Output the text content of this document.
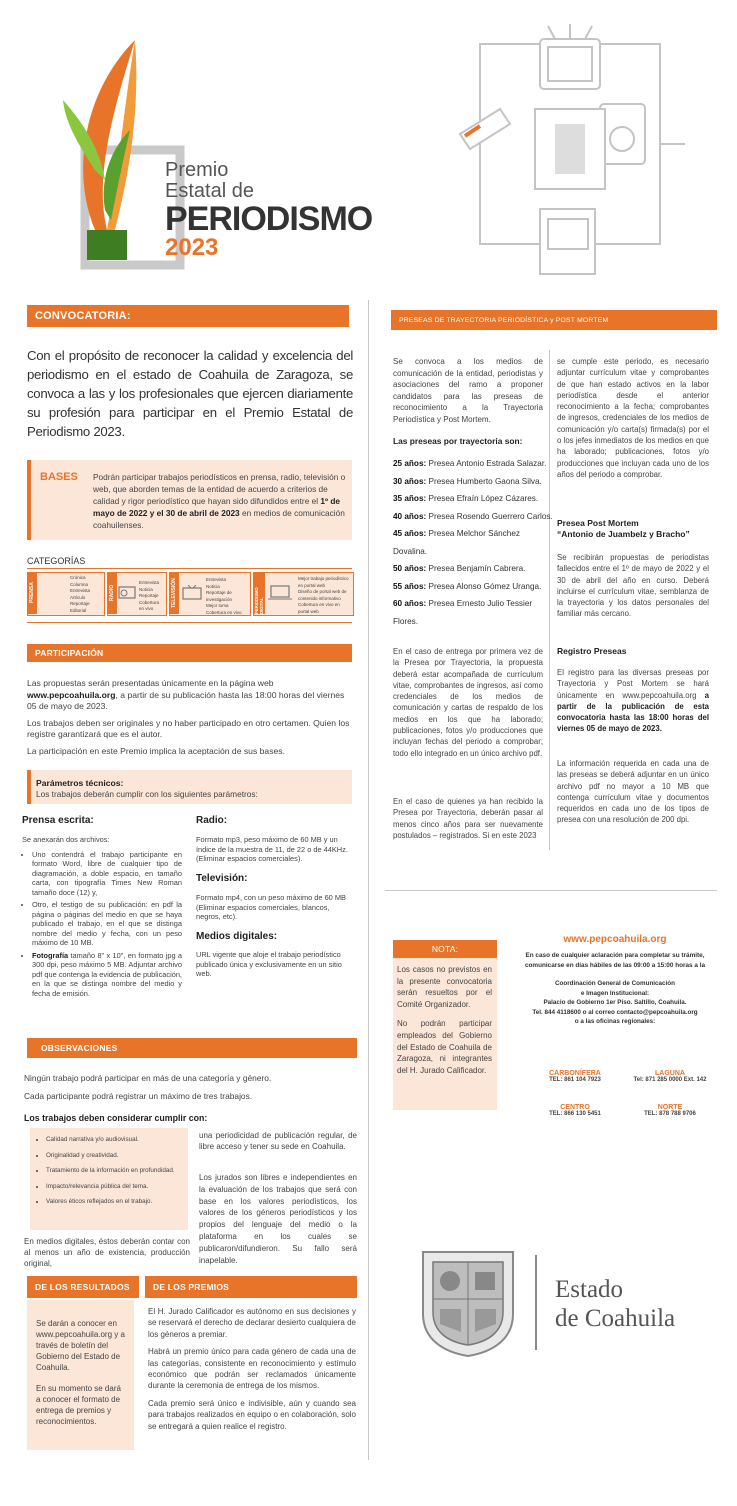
Premio
Estatal de
PERIODISMO
2023
CONVOCATORIA:
Con el propósito de reconocer la calidad y excelencia del periodismo en el estado de Coahuila de Zaragoza, se convoca a las y los profesionales que ejercen diariamente su profesión para participar en el Premio Estatal de Periodismo 2023.
BASES Podrán participar trabajos periodísticos en prensa, radio, televisión o web, que aborden temas de la entidad de acuerdo a criterios de calidad y rigor periodístico que hayan sido difundidos entre el 1º de mayo de 2022 y el 30 de abril de 2023 en medios de comunicación coahuilenses.
CATEGORÍAS
PRENSA
Crónica
Columna
Entrevista
Artículo
Reportaje
Editorial
RADIO
Entrevista
Noticia
Reportaje
Cobertura en vivo
TELEVISIÓN	Entrevista
Noticia
Reportaje de investigación
Mejor toma
Cobertura en vivo	PERIODISMO DIGITAL
Mejor trabajo periodístico en portal web
Diseño de portal web de contenido informativo
Cobertura en vivo en portal web
PARTICIPACIÓN

Las propuestas serán presentadas únicamente en la página web www.pepcoahuila.org, a partir de su publicación hasta las 18:00 horas del viernes 05 de mayo de 2023.

Los trabajos deben ser originales y no haber participado en otro certamen. Quien los registre garantizará que es el autor.

La participación en este Premio implica la aceptación de sus bases.

Parámetros técnicos:
Los trabajos deberán cumplir con los siguientes parámetros:
Prensa escrita:

Se anexarán dos archivos:

• Uno contendrá el trabajo participante en formato Word, libre de cualquier tipo de diagramación, a doble espacio, en tamaño carta, con tipografía Times New Roman tamaño doce (12) y,
• Otro, el testigo de su publicación: en pdf la página o páginas del medio en que se haya publicado el trabajo, en el que se distinga nombre del medio y fecha, con un peso máximo de 10 MB.
• Fotografía tamaño 8" x 10", en formato jpg a 300 dpi, peso máximo 5 MB. Adjuntar archivo pdf que contenga la evidencia de publicación, en la que se distinga nombre del medio y fecha de emisión.
Radio:
Formato mp3, peso máximo de 60 MB y un índice de la muestra de 11, de 22 o de 44KHz. (Eliminar espacios comerciales).
Televisión:
Formato mp4, con un peso máximo de 60 MB (Eliminar espacios comerciales, blancos, negros, etc).
Medios digitales:
URL vigente que aloje el trabajo periodístico publicado única y exclusivamente en un sitio web.
OBSERVACIONES

Ningún trabajo podrá participar en más de una categoría y género.

Cada participante podrá registrar un máximo de tres trabajos.

Los trabajos deben considerar cumplir con:
• Calidad narrativa y/o audiovisual.
• Originalidad y creatividad.
• Tratamiento de la información en profundidad.
• Impacto/relevancia pública del tema.
• Valores éticos reflejados en el trabajo.
En medios digitales, éstos deberán contar con al menos un año de existencia, producción original,
una periodicidad de publicación regular, de libre acceso y tener su sede en Coahuila.
Los jurados son libres e independientes en la evaluación de los trabajos que será con base en los valores periodísticos, los valores de los géneros periodísticos y los propios del lenguaje del medio o la plataforma en los cuales se publicaron/difundieron. Su fallo será inapelable.
DE LOS RESULTADOS

Se darán a conocer en www.pepcoahuila.org y a través de boletín del Gobierno del Estado de Coahuila.

En su momento se dará a conocer el formato de entrega de premios y reconocimientos.

DE LOS PREMIOS

El H. Jurado Calificador es autónomo en sus decisiones y se reservará el derecho de declarar desierto cualquiera de los géneros a premiar.

Habrá un premio único para cada género de cada una de las categorías, consistente en reconocimiento y estímulo económico que podrán ser reclamados únicamente durante la ceremonia de entrega de los mismos.

Cada premio será único e indivisible, aún y cuando sea para trabajos realizados en equipo o en colaboración, solo se entregará a quien realice el registro.

PRESEAS DE TRAYECTORIA PERIODÍSTICA y POST MORTEM
Se convoca a los medios de comunicación de la entidad, periodistas y asociaciones del ramo a proponer candidatos para las preseas de reconocimiento a la Trayectoria Periodística y Post Mortem.
Las preseas por trayectoria son:
25 años: Presea Antonio Estrada Salazar.
30 años: Presea Humberto Gaona Silva.
35 años: Presea Efraín López Cázares.
40 años: Presea Rosendo Guerrero Carlos.
45 años: Presea Melchor Sánchez Dovalina.
50 años: Presea Benjamín Cabrera.
55 años: Presea Alonso Gómez Uranga.
60 años: Presea Ernesto Julio Tessier Flores.
En el caso de entrega por primera vez de la Presea por Trayectoria, la propuesta deberá estar acompañada de currículum vitae, comprobantes de ingresos, así como credenciales de los medios de comunicación y cartas de respaldo de los medios en los que ha laborado; publicaciones, fotos y/o producciones que incluyan fechas del periodo a comprobar; todo ello integrado en un único archivo pdf.
En el caso de quienes ya han recibido la Presea por Trayectoria, deberán pasar al menos cinco años para ser nuevamente postulados – registrados. Si en este 2023
se cumple este periodo, es necesario adjuntar currículum vitae y comprobantes de que han estado activos en la labor periodística desde el anterior reconocimiento a la fecha; comprobantes de ingresos, credenciales de los medios de comunicación y/o carta(s) firmada(s) por el o los jefes inmediatos de los medios en que ha laborado; publicaciones, fotos y/o producciones que incluyan cada uno de los años del periodo a comprobar.
Presea Post Mortem
“Antonio de Juambelz y Bracho”
Se recibirán propuestas de periodistas fallecidos entre el 1º de mayo de 2022 y el 30 de abril del año en curso. Deberá incluirse el currículum vitae, semblanza de la trayectoria y los datos personales del familiar más cercano.
Registro Preseas
El registro para las diversas preseas por Trayectoria y Post Mortem se hará únicamente en www.pepcoahuila.org a partir de la publicación de esta convocatoria hasta las 18:00 horas del viernes 05 de mayo de 2023.
La información requerida en cada una de las preseas se deberá adjuntar en un único archivo pdf no mayor a 10 MB que contenga currículum vitae y documentos requeridos en cada uno de los tipos de presea con una resolución de 200 dpi.
NOTA:

Los casos no previstos en la presente convocatoria serán resueltos por el Comité Organizador.

No podrán participar empleados del Gobierno del Estado de Coahuila de Zaragoza, ni integrantes del H. Jurado Calificador.

www.pepcoahuila.org
En caso de cualquier aclaración para completar su trámite, comunicarse en días hábiles de las 09:00 a 15:00 horas a la
Coordinación General de Comunicación
e Imagen Institucional:
Palacio de Gobierno 1er Piso. Saltillo, Coahuila.
Tel. 844 4118600 o al correo contacto@pepcoahuila.org
o a las oficinas regionales:
CARBONÍFERA
TEL: 861 104 7923
LAGUNA
Tel: 871 285 0000 Ext. 142
CENTRO
TEL: 866 130 5451
NORTE
TEL: 878 788 9706
Estado
de Coahuila
